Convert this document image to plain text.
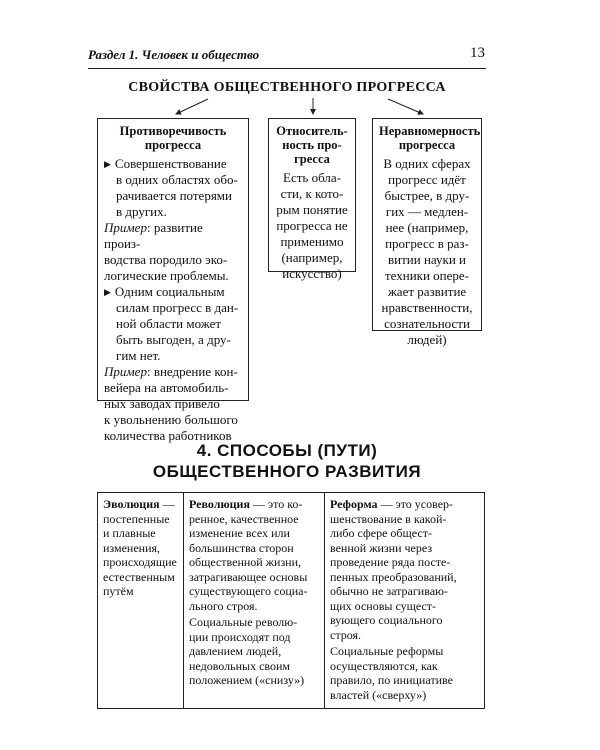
Раздел 1. Человек и общество	13
СВОЙСТВА ОБЩЕСТВЕННОГО ПРОГРЕССА
Противоречивость
прогресса
▶ Совершенствование
в одних областях обо-
рачивается потерями
в других.
Пример: развитие произ-
водства породило эко-
логические проблемы.
▶ Одним социальным
силам прогресс в дан-
ной области может
быть выгоден, а дру-
гим нет.
Пример: внедрение кон-
вейера на автомобиль-
ных заводах привело
к увольнению большого
количества работников
Относитель-
ность про-
гресса
Есть обла-
сти, к кото-
рым понятие
прогресса не
применимо
(например,
искусство)
Неравномерность
прогресса
В одних сферах
прогресс идёт
быстрее, в дру-
гих — медлен-
нее (например,
прогресс в раз-
витии науки и
техники опере-
жает развитие
нравственности,
сознательности
людей)
4. СПОСОБЫ (ПУТИ)
ОБЩЕСТВЕННОГО РАЗВИТИЯ
Эволюция —
постепенные
и плавные
изменения,
происходящие
естественным
путём

Революция — это ко-
ренное, качественное
изменение всех или
большинства сторон
общественной жизни,
затрагивающее основы
существующего социа-
льного строя.
Социальные револю-
ции происходят под
давлением людей,
недовольных своим
положением («снизу»)

Реформа — это усовер-
шенствование в какой-
либо сфере общест-
венной жизни через
проведение ряда посте-
пенных преобразований,
обычно не затрагиваю-
щих основы сущест-
вующего социального
строя.
Социальные реформы
осуществляются, как
правило, по инициативе
властей («сверху»)
